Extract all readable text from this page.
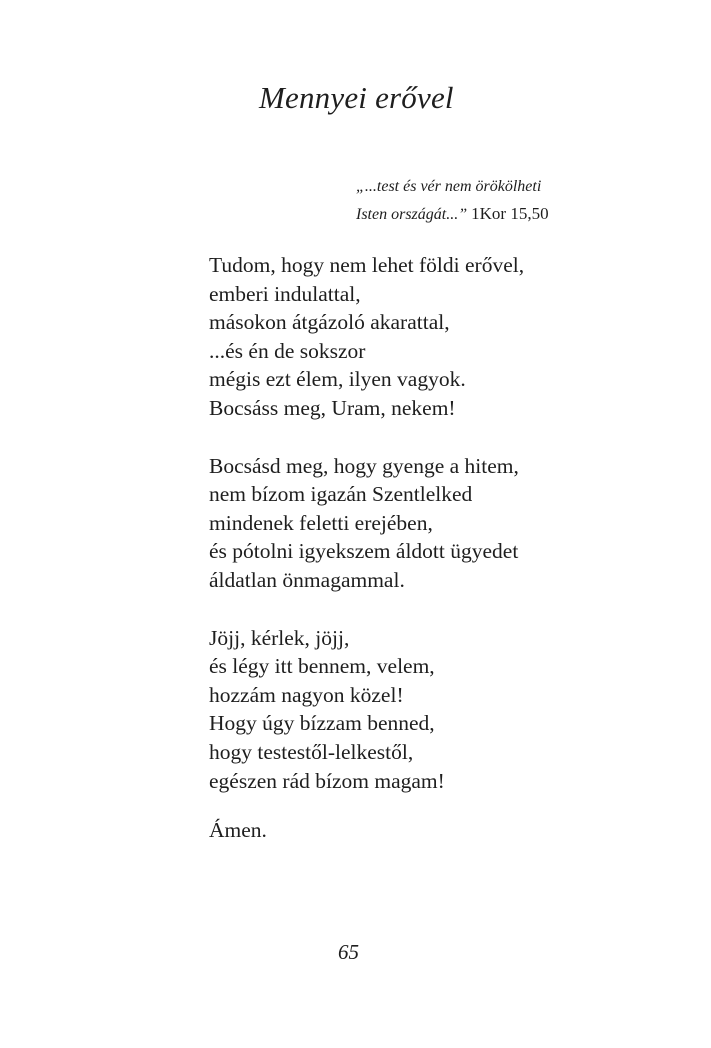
Mennyei erővel
„...test és vér nem örökölheti
Isten országát...” 1Kor 15,50
Tudom, hogy nem lehet földi erővel,
emberi indulattal,
másokon átgázoló akarattal,
...és én de sokszor
mégis ezt élem, ilyen vagyok.
Bocsáss meg, Uram, nekem!
Bocsásd meg, hogy gyenge a hitem,
nem bízom igazán Szentlelked
mindenek feletti erejében,
és pótolni igyekszem áldott ügyedet
áldatlan önmagammal.
Jöjj, kérlek, jöjj,
és légy itt bennem, velem,
hozzám nagyon közel!
Hogy úgy bízzam benned,
hogy testestől-lelkestől,
egészen rád bízom magam!
Ámen.
65
